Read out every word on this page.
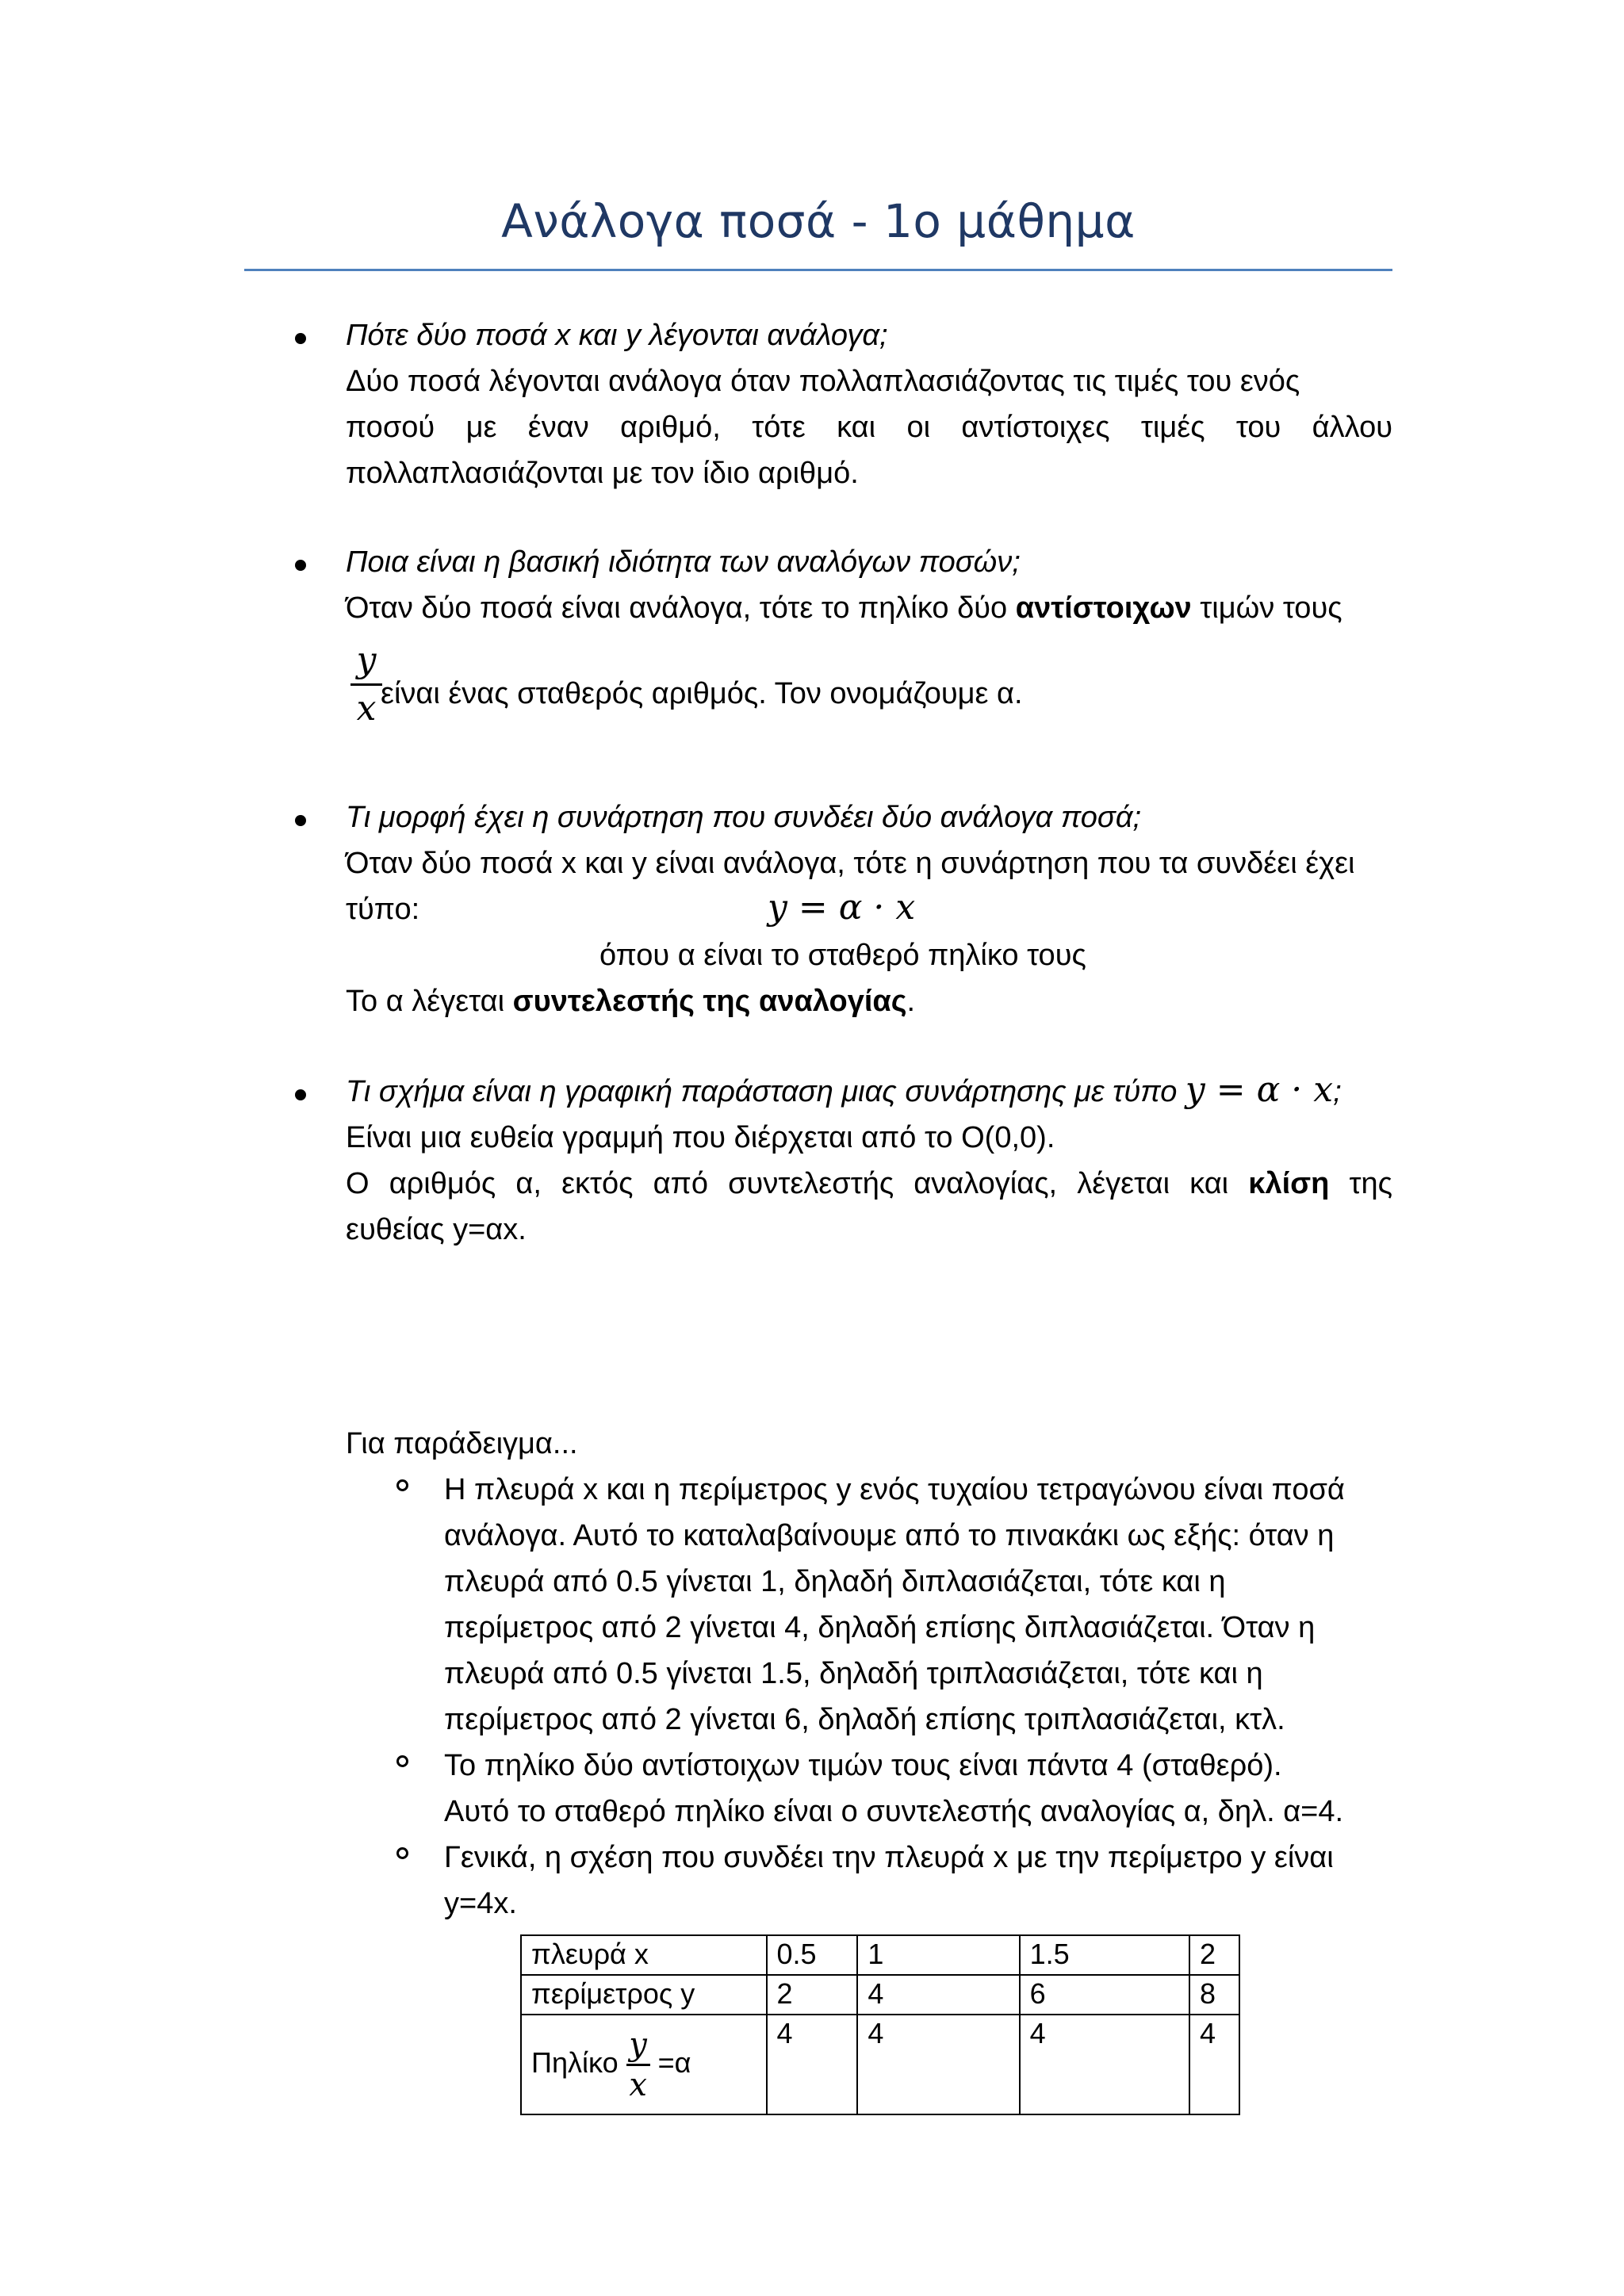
Ανάλογα ποσά - 1ο μάθημα
Πότε δύο ποσά x και y λέγονται ανάλογα;
Δύο ποσά λέγονται ανάλογα όταν πολλαπλασιάζοντας τις τιμές του ενός
ποσού με έναν αριθμό, τότε και οι αντίστοιχες τιμές του άλλου
πολλαπλασιάζονται με τον ίδιο αριθμό.
Ποια είναι η βασική ιδιότητα των αναλόγων ποσών;
Όταν δύο ποσά είναι ανάλογα, τότε το πηλίκο δύο αντίστοιχων τιμών τους
y
x είναι ένας σταθερός αριθμός. Τον ονομάζουμε α.
Τι μορφή έχει η συνάρτηση που συνδέει δύο ανάλογα ποσά;
Όταν δύο ποσά x και y είναι ανάλογα, τότε η συνάρτηση που τα συνδέει έχει
τύπο:	y = α · x
όπου α είναι το σταθερό πηλίκο τους
Το α λέγεται συντελεστής της αναλογίας.
Τι σχήμα είναι η γραφική παράσταση μιας συνάρτησης με τύπο y = α · x;
Είναι μια ευθεία γραμμή που διέρχεται από το Ο(0,0).
Ο αριθμός α, εκτός από συντελεστής αναλογίας, λέγεται και κλίση της
ευθείας y=αx.
Για παράδειγμα...
Η πλευρά x και η περίμετρος y ενός τυχαίου τετραγώνου είναι ποσά
ανάλογα. Αυτό το καταλαβαίνουμε από το πινακάκι ως εξής: όταν η
πλευρά από 0.5 γίνεται 1, δηλαδή διπλασιάζεται, τότε και η
περίμετρος από 2 γίνεται 4, δηλαδή επίσης διπλασιάζεται. Όταν η
πλευρά από 0.5 γίνεται 1.5, δηλαδή τριπλασιάζεται, τότε και η
περίμετρος από 2 γίνεται 6, δηλαδή επίσης τριπλασιάζεται, κτλ.
Το πηλίκο δύο αντίστοιχων τιμών τους είναι πάντα 4 (σταθερό).
Αυτό το σταθερό πηλίκο είναι ο συντελεστής αναλογίας α, δηλ. α=4.
Γενικά, η σχέση που συνδέει την πλευρά x με την περίμετρο y είναι
y=4x.
πλευρά x	0.5	1	1.5	2
περίμετρος y	2	4	6	8
Πηλίκο $\frac{y}{x} =\alpha$	4	4	4	4
